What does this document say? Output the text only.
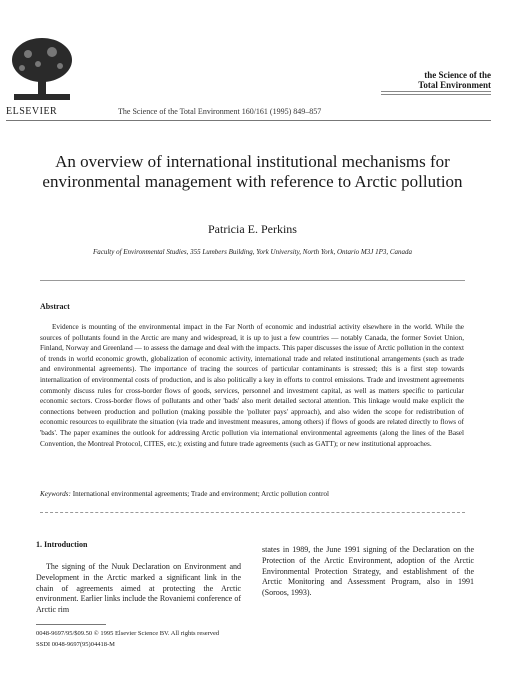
ELSEVIER	The Science of the Total Environment 160/161 (1995) 849–857
the Science of the
Total Environment
An overview of international institutional mechanisms for environmental management with reference to Arctic pollution
Patricia E. Perkins
Faculty of Environmental Studies, 355 Lumbers Building, York University, North York, Ontario M3J 1P3, Canada
Abstract
Evidence is mounting of the environmental impact in the Far North of economic and industrial activity elsewhere in the world. While the sources of pollutants found in the Arctic are many and widespread, it is up to just a few countries — notably Canada, the former Soviet Union, Finland, Norway and Greenland — to assess the damage and deal with the impacts. This paper discusses the issue of Arctic pollution in the context of trends in world economic growth, globalization of economic activity, international trade and related institutional arrangements (such as trade and environmental agreements). The importance of tracing the sources of particular contaminants is stressed; this is a first step towards internalization of environmental costs of production, and is also politically a key in efforts to control emissions. Trade and investment agreements commonly discuss rules for cross-border flows of goods, services, personnel and investment capital, as well as matters specific to particular economic sectors. Cross-border flows of pollutants and other 'bads' also merit detailed sectoral attention. This linkage would make explicit the connections between production and pollution (making possible the 'polluter pays' approach), and also widen the scope for redistribution of economic resources to equilibrate the situation (via trade and investment measures, among others) if flows of goods are related directly to flows of 'bads'. The paper examines the outlook for addressing Arctic pollution via international environmental agreements (along the lines of the Basel Convention, the Montreal Protocol, CITES, etc.); existing and future trade agreements (such as GATT); or new institutional approaches.
Keywords: International environmental agreements; Trade and environment; Arctic pollution control
1. Introduction
The signing of the Nuuk Declaration on Environment and Development in the Arctic marked a significant link in the chain of agreements aimed at protecting the Arctic environment. Earlier links include the Rovaniemi conference of Arctic rim
states in 1989, the June 1991 signing of the Declaration on the Protection of the Arctic Environment, adoption of the Arctic Environmental Protection Strategy, and establishment of the Arctic Monitoring and Assessment Program, also in 1991 (Soroos, 1993).
0048-9697/95/$09.50 © 1995 Elsevier Science BV. All rights reserved
SSDI 0048-9697(95)04418-M
